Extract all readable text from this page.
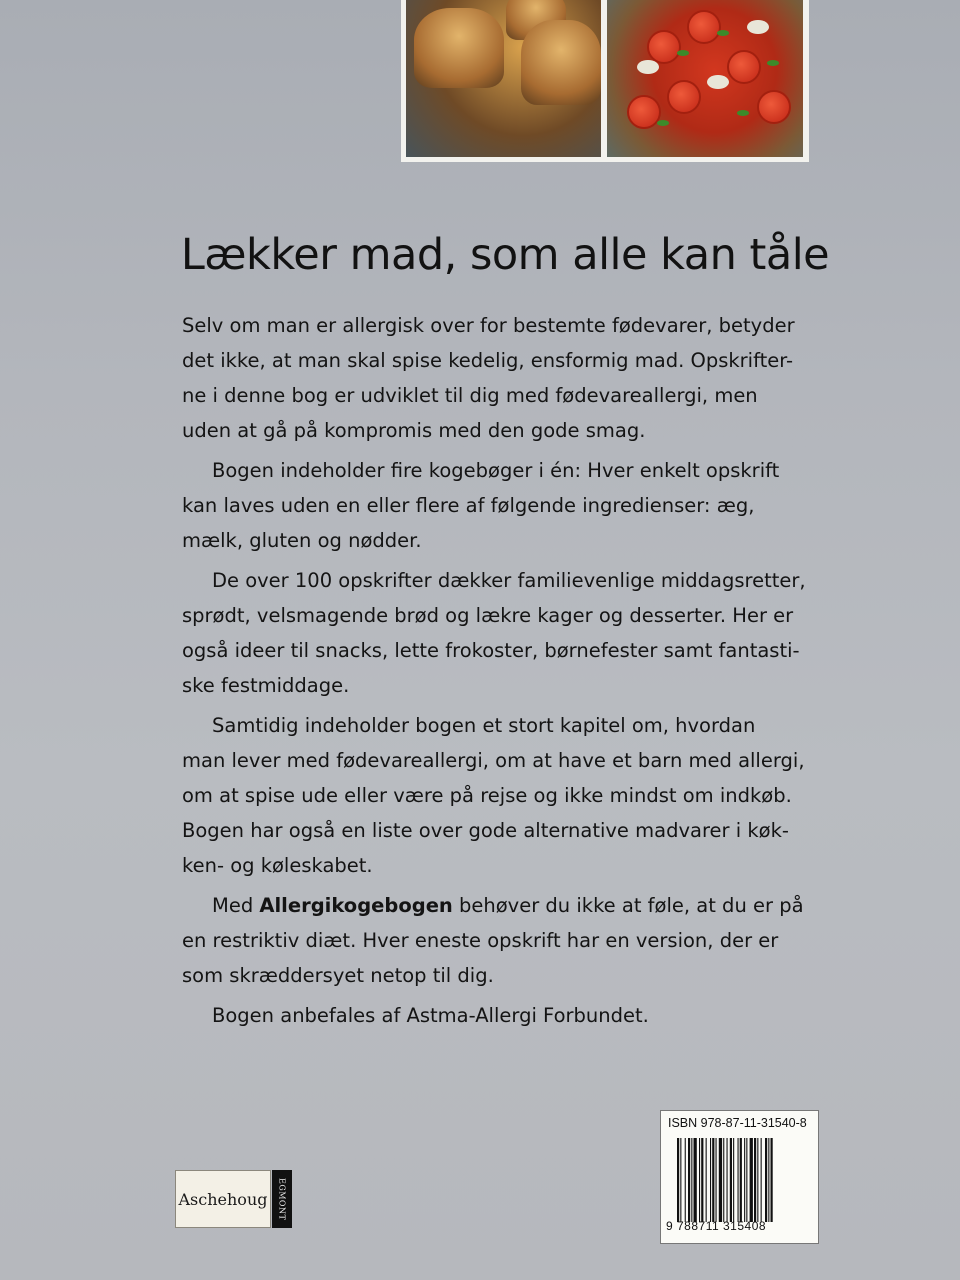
Lækker mad, som alle kan tåle
Selv om man er allergisk over for bestemte fødevarer, betyder
det ikke, at man skal spise kedelig, ensformig mad. Opskrifter-
ne i denne bog er udviklet til dig med fødevareallergi, men
uden at gå på kompromis med den gode smag.
Bogen indeholder fire kogebøger i én: Hver enkelt opskrift
kan laves uden en eller flere af følgende ingredienser: æg,
mælk, gluten og nødder.
De over 100 opskrifter dækker familievenlige middagsretter,
sprødt, velsmagende brød og lækre kager og desserter. Her er
også ideer til snacks, lette frokoster, børnefester samt fantasti-
ske festmiddage.
Samtidig indeholder bogen et stort kapitel om, hvordan
man lever med fødevareallergi, om at have et barn med allergi,
om at spise ude eller være på rejse og ikke mindst om indkøb.
Bogen har også en liste over gode alternative madvarer i køk-
ken- og køleskabet.
Med Allergikogebogen behøver du ikke at føle, at du er på
en restriktiv diæt. Hver eneste opskrift har en version, der er
som skræddersyet netop til dig.
Bogen anbefales af Astma-Allergi Forbundet.
Aschehoug	EGMONT
ISBN 978-87-11-31540-8
9 788711 315408
